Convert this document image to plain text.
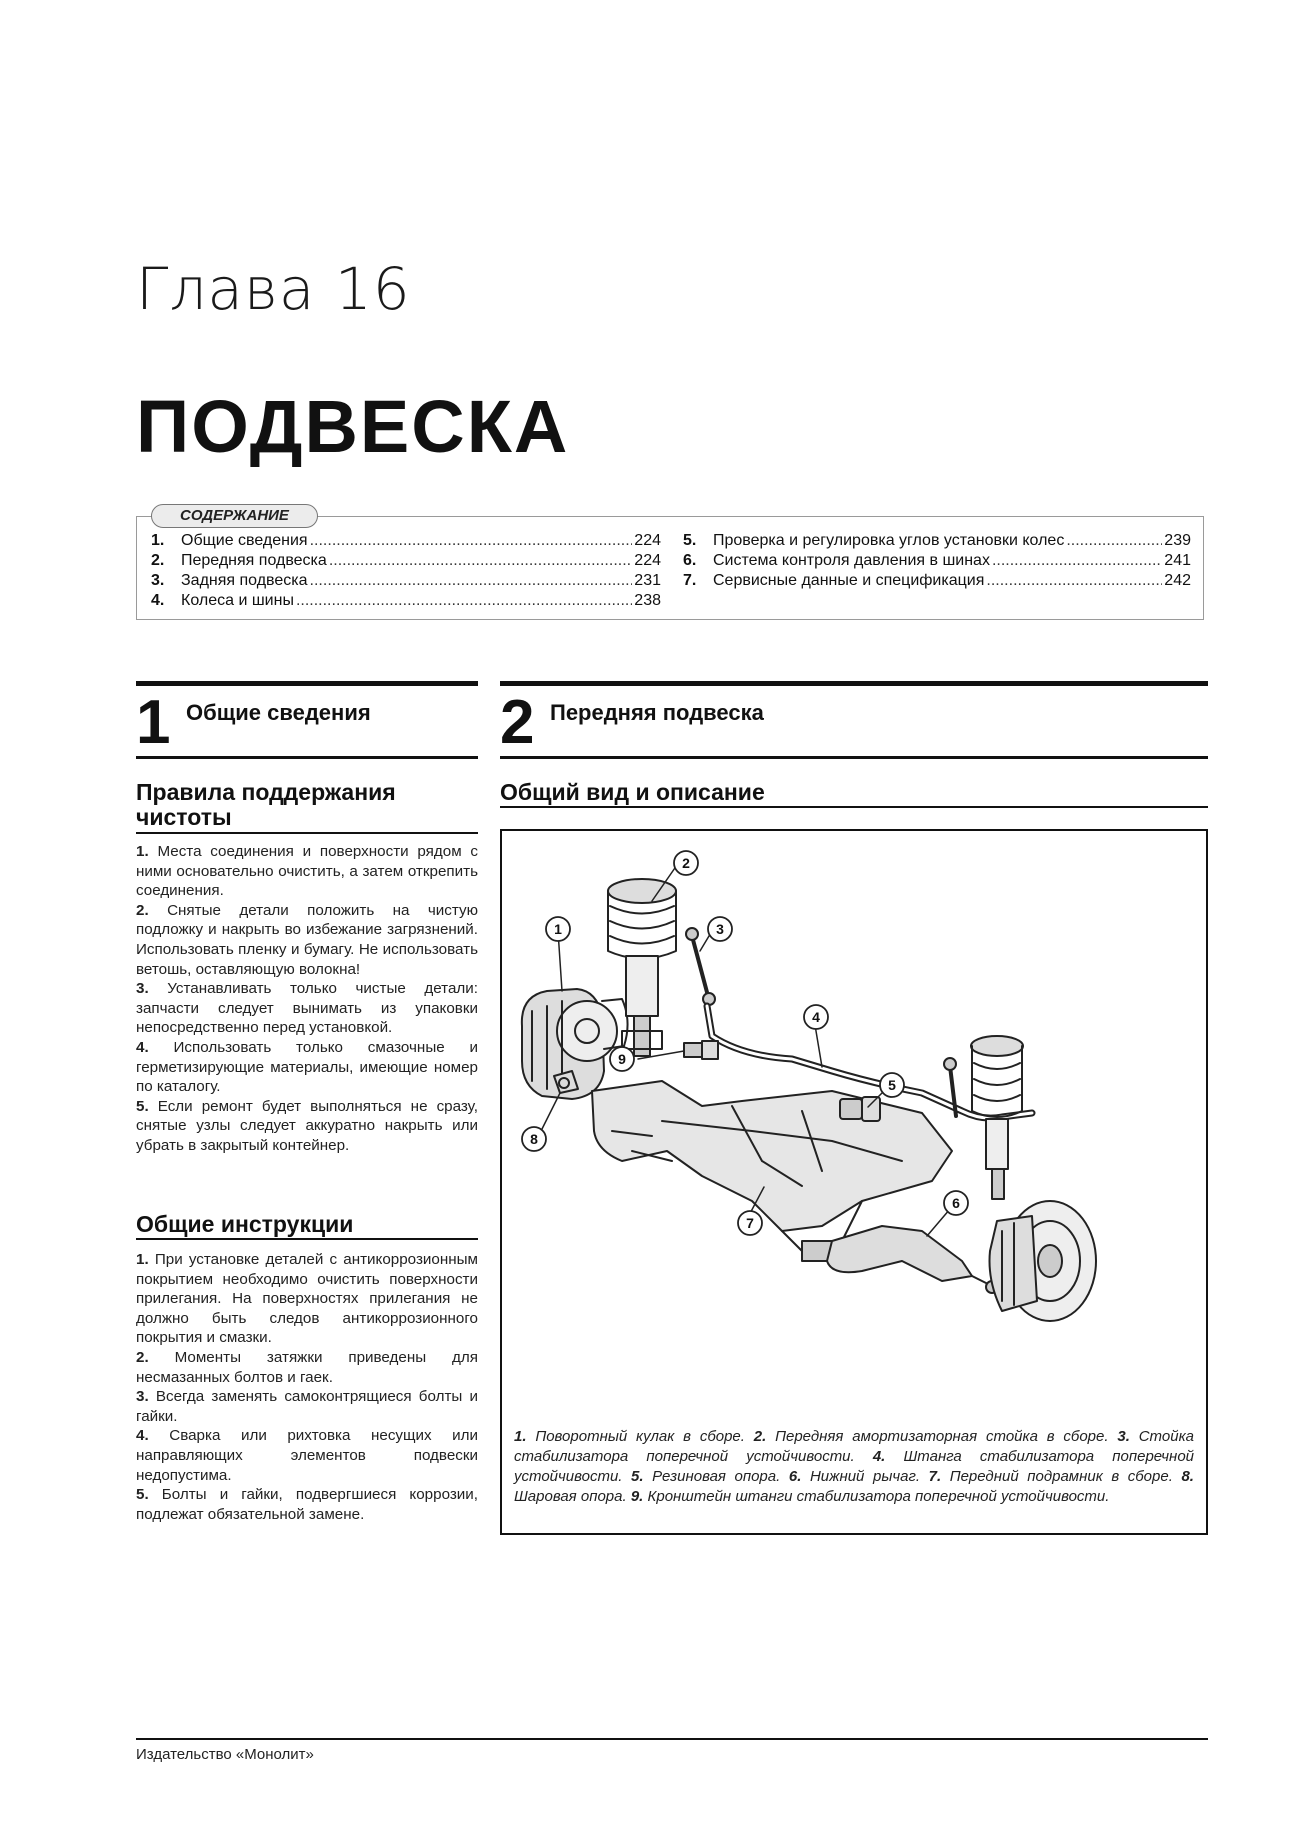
Глава 16
ПОДВЕСКА
СОДЕРЖАНИЕ
1.	Общие сведения .....	224
2.	Передняя подвеска .....	224
3.	Задняя подвеска .....	231
4.	Колеса и шины .....	238
5.	Проверка и регулировка углов установки колес .....	239
6.	Система контроля давления в шинах .....	241
7.	Сервисные данные и спецификация .....	242
1 Общие сведения 2 Передняя подвеска
Правила поддержания чистоты
Общий вид и описание

1. Места соединения и поверхности рядом с ними основательно очистить, а затем открепить соединения.

2. Снятые детали положить на чистую подложку и накрыть во избежание загрязнений. Использовать пленку и бумагу. Не использовать ветошь, оставляющую волокна!

3. Устанавливать только чистые детали: запчасти следует вынимать из упаковки непосредственно перед установкой.

4. Использовать только смазочные и герметизирующие материалы, имеющие номер по каталогу.

5. Если ремонт будет выполняться не сразу, снятые узлы следует аккуратно накрыть или убрать в закрытый контейнер.

Общие инструкции

1. При установке деталей с антикоррозионным покрытием необходимо очистить поверхности прилегания. На поверхностях прилегания не должно быть следов антикоррозионного покрытия и смазки.

2. Моменты затяжки приведены для несмазанных болтов и гаек.

3. Всегда заменять самоконтрящиеся болты и гайки.

4. Сварка или рихтовка несущих или направляющих элементов подвески недопустима.

5. Болты и гайки, подвергшиеся коррозии, подлежат обязательной замене.

1
2
3
4
5
6
7
8
9
1. Поворотный кулак в сборе. 2. Передняя амортизаторная стойка в сборе. 3. Стойка стабилизатора поперечной устойчивости. 4. Штанга стабилизатора поперечной устойчивости. 5. Резиновая опора. 6. Нижний рычаг. 7. Передний подрамник в сборе. 8. Шаровая опора. 9. Кронштейн штанги стабилизатора поперечной устойчивости.
Издательство «Монолит»
